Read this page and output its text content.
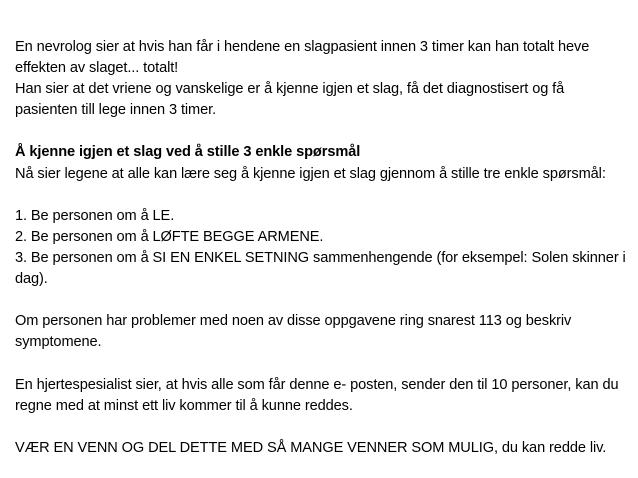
En nevrolog sier at hvis han får i hendene en slagpasient innen 3 timer kan han totalt heve effekten av slaget... totalt!

Han sier at det vriene og vanskelige er å kjenne igjen et slag, få det diagnostisert og få pasienten till lege innen 3 timer.

Å kjenne igjen et slag ved å stille 3 enkle spørsmål

Nå sier legene at alle kan lære seg å kjenne igjen et slag gjennom å stille tre enkle spørsmål:

1. Be personen om å LE.

2. Be personen om å LØFTE BEGGE ARMENE.

3. Be personen om å SI EN ENKEL SETNING sammenhengende (for eksempel: Solen skinner i dag).

Om personen har problemer med noen av disse oppgavene ring snarest 113 og beskriv symptomene.

En hjertespesialist sier, at hvis alle som får denne e- posten, sender den til 10 personer, kan du regne med at minst ett liv kommer til å kunne reddes.

VÆR EN VENN OG DEL DETTE MED SÅ MANGE VENNER SOM MULIG, du kan redde liv.
